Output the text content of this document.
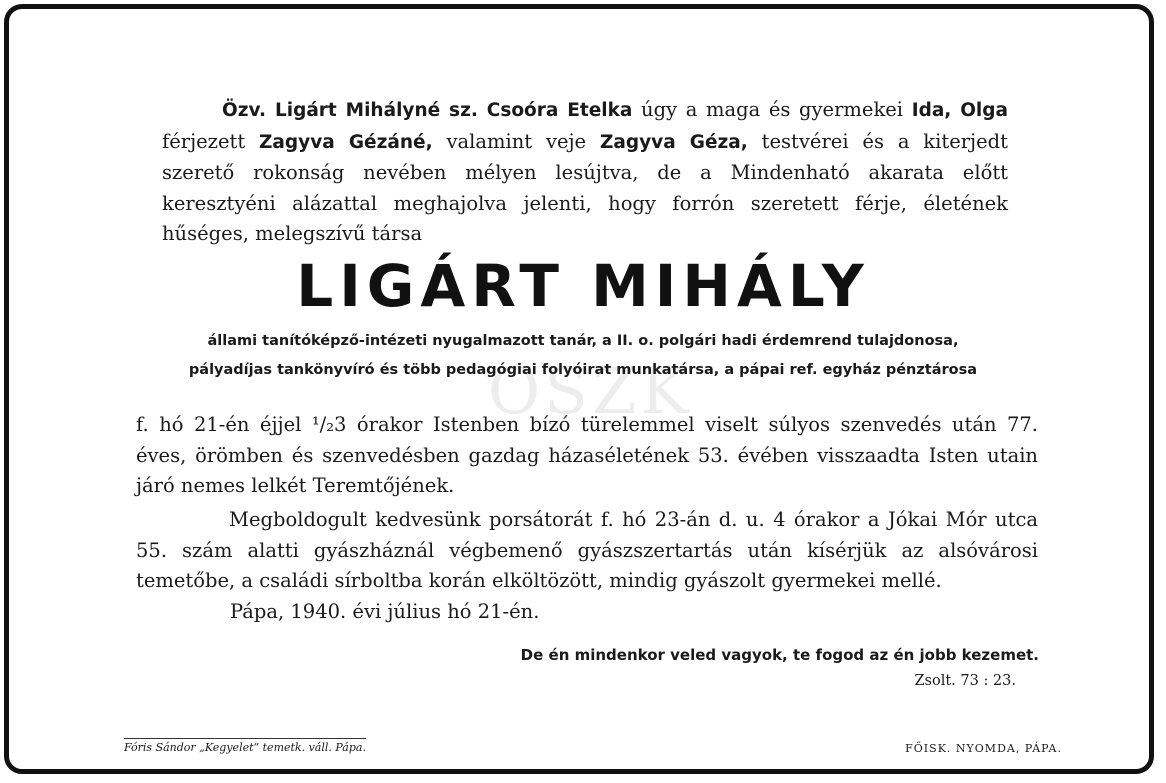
OSZK

Özv. Ligárt Mihályné sz. Csoóra Etelka úgy a maga és gyermekei Ida, Olga férjezett Zagyva Gézáné, valamint veje Zagyva Géza, testvérei és a kiterjedt szerető rokonság nevében mélyen lesújtva, de a Mindenható akarata előtt keresztyéni alázattal meghajolva jelenti, hogy forrón szeretett férje, életének hűséges, melegszívű társa

LIGÁRT MIHÁLY
állami tanítóképző-intézeti nyugalmazott tanár, a II. o. polgári hadi érdemrend tulajdonosa,
pályadíjas tankönyvíró és több pedagógiai folyóirat munkatársa, a pápai ref. egyház pénztárosa

f. hó 21-én éjjel ¹/₂3 órakor Istenben bízó türelemmel viselt súlyos szenvedés után 77. éves, örömben és szenvedésben gazdag házaséletének 53. évében visszaadta Isten utain járó nemes lelkét Teremtőjének.

Megboldogult kedvesünk porsátorát f. hó 23-án d. u. 4 órakor a Jókai Mór utca 55. szám alatti gyászháznál végbemenő gyászszertartás után kísérjük az alsóvárosi temetőbe, a családi sírboltba korán elköltözött, mindig gyászolt gyermekei mellé.

Pápa, 1940. évi július hó 21-én.
De én mindenkor veled vagyok, te fogod az én jobb kezemet.
Zsolt. 73 : 23.
Fóris Sándor „Kegyelet“ temetk. váll. Pápa.	FŐISK. NYOMDA, PÁPA.
